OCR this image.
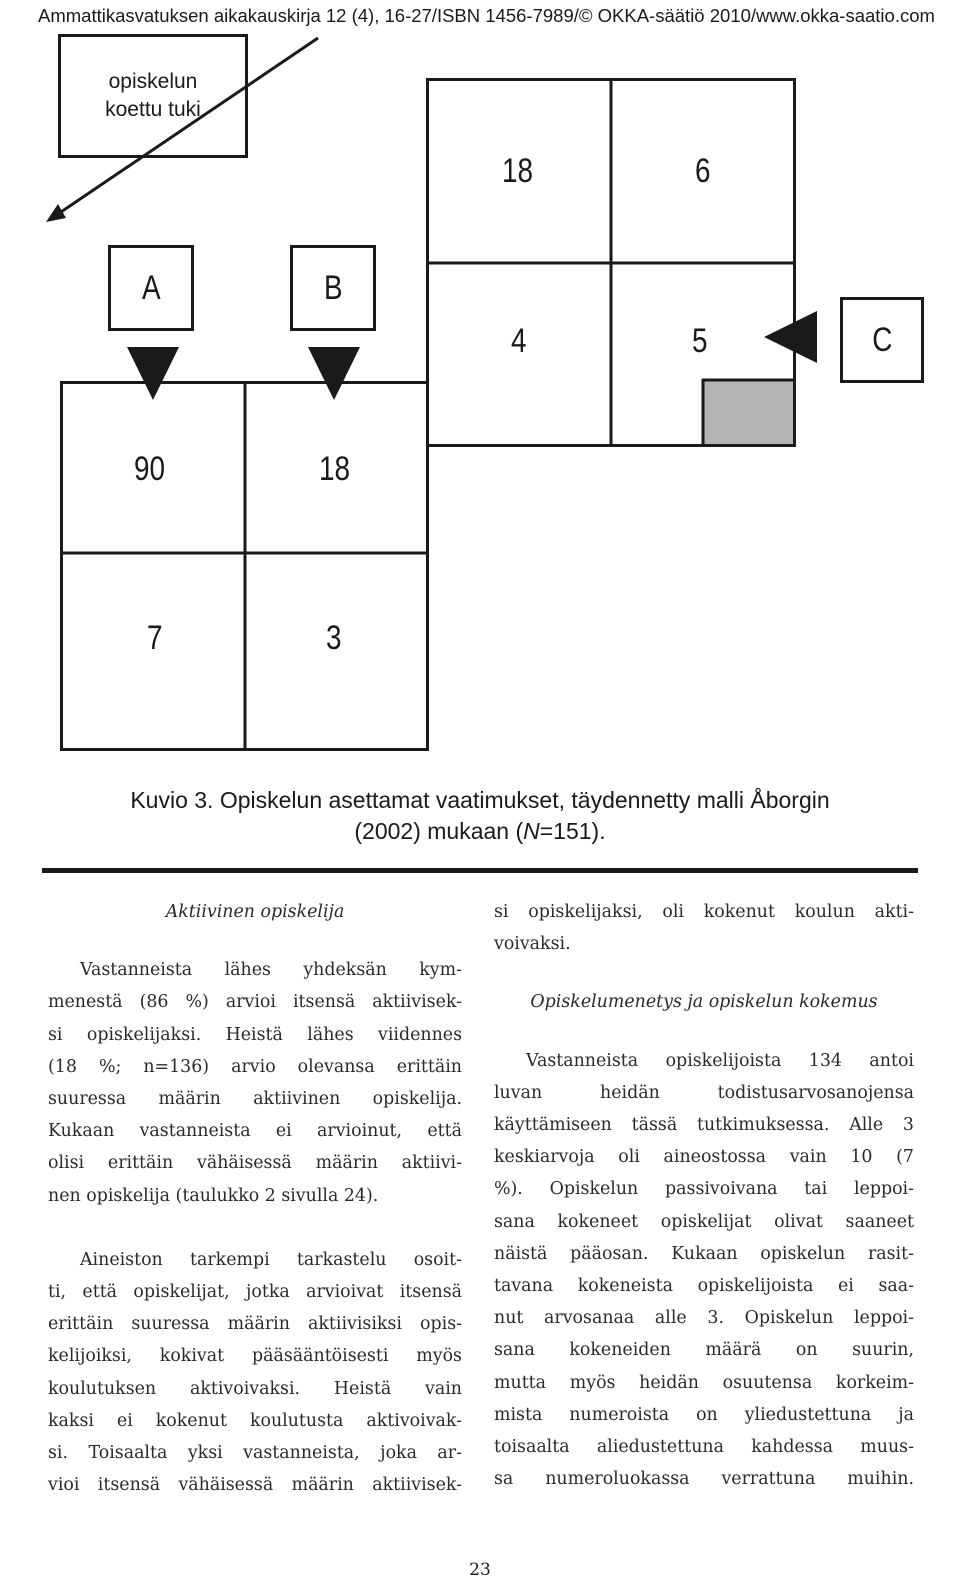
Ammattikasvatuksen aikakauskirja 12 (4), 16-27/ISBN 1456-7989/© OKKA-säätiö 2010/www.okka-saatio.com
opiskelun
koettu tuki
18	6
4	5
90	18
7	3
A	B
C
Kuvio 3. Opiskelun asettamat vaatimukset, täydennetty malli Åborgin
(2002) mukaan (N=151).
Aktiivinen opiskelija

Vastanneista lähes yhdeksän kym-
menestä (86 %) arvioi itsensä aktiivisek-
si opiskelijaksi. Heistä lähes viidennes
(18 %; n=136) arvio olevansa erittäin
suuressa määrin aktiivinen opiskelija.
Kukaan vastanneista ei arvioinut, että
olisi erittäin vähäisessä määrin aktiivi-
nen opiskelija (taulukko 2 sivulla 24).

Aineiston tarkempi tarkastelu osoit-
ti, että opiskelijat, jotka arvioivat itsensä
erittäin suuressa määrin aktiivisiksi opis-
kelijoiksi, kokivat pääsääntöisesti myös
koulutuksen aktivoivaksi. Heistä vain
kaksi ei kokenut koulutusta aktivoivak-
si. Toisaalta yksi vastanneista, joka ar-
vioi itsensä vähäisessä määrin aktiivisek-

si opiskelijaksi, oli kokenut koulun akti-
voivaksi.

Opiskelumenetys ja opiskelun kokemus

Vastanneista opiskelijoista 134 antoi
luvan heidän todistusarvosanojensa
käyttämiseen tässä tutkimuksessa. Alle 3
keskiarvoja oli aineostossa vain 10 (7
%). Opiskelun passivoivana tai leppoi-
sana kokeneet opiskelijat olivat saaneet
näistä pääosan. Kukaan opiskelun rasit-
tavana kokeneista opiskelijoista ei saa-
nut arvosanaa alle 3. Opiskelun leppoi-
sana kokeneiden määrä on suurin,
mutta myös heidän osuutensa korkeim-
mista numeroista on yliedustettuna ja
toisaalta aliedustettuna kahdessa muus-
sa numeroluokassa verrattuna muihin.

23
